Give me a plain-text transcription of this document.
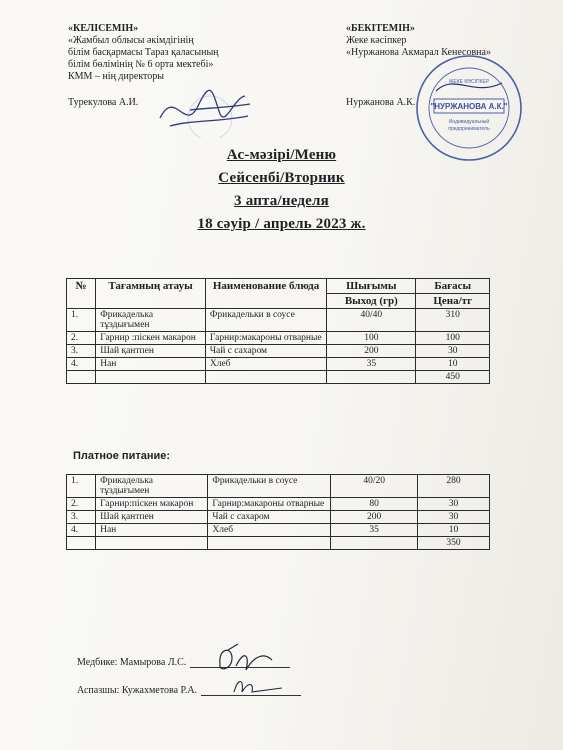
«КЕЛІСЕМІН»
«Жамбыл облысы әкімдігінің
білім басқармасы Тараз қаласының
білім бөлімінің № 6 орта мектебі»
КММ – нің директоры
Турекулова А.И.
«БЕКІТЕМІН»
Жеке кәсіпкер
«Нуржанова Акмарал Кенесовна»
Нуржанова А.К.	"НУРЖАНОВА А.К."
ЖЕКЕ КӘСІПКЕР
Индивидуальный
предприниматель
Ас-мәзірі/Меню
Сейсенбі/Вторник
3 апта/неделя
18 сәуір / апрель 2023 ж.
№	Тағамның атауы	Наименование блюда	Шығымы	Бағасы
			Выход (гр)	Цена/тг
1.	Фрикаделька тұздығымен	Фрикадельки в соусе	40/40	310
2.	Гарнир :піскен макарон	Гарнир:макароны отварные	100	100
3.	Шай қантпен	Чай с сахаром	200	30
4.	Нан	Хлеб	35	10
				450
Платное питание:
1.	Фрикаделька тұздығымен	Фрикадельки в соусе	40/20	280
2.	Гарнир:піскен макарон	Гарнир:макароны отварные	80	30
3.	Шай қантпен	Чай с сахаром	200	30
4.	Нан	Хлеб	35	10
				350
Медбике: Мамырова Л.С.
Аспазшы: Кужахметова Р.А.
